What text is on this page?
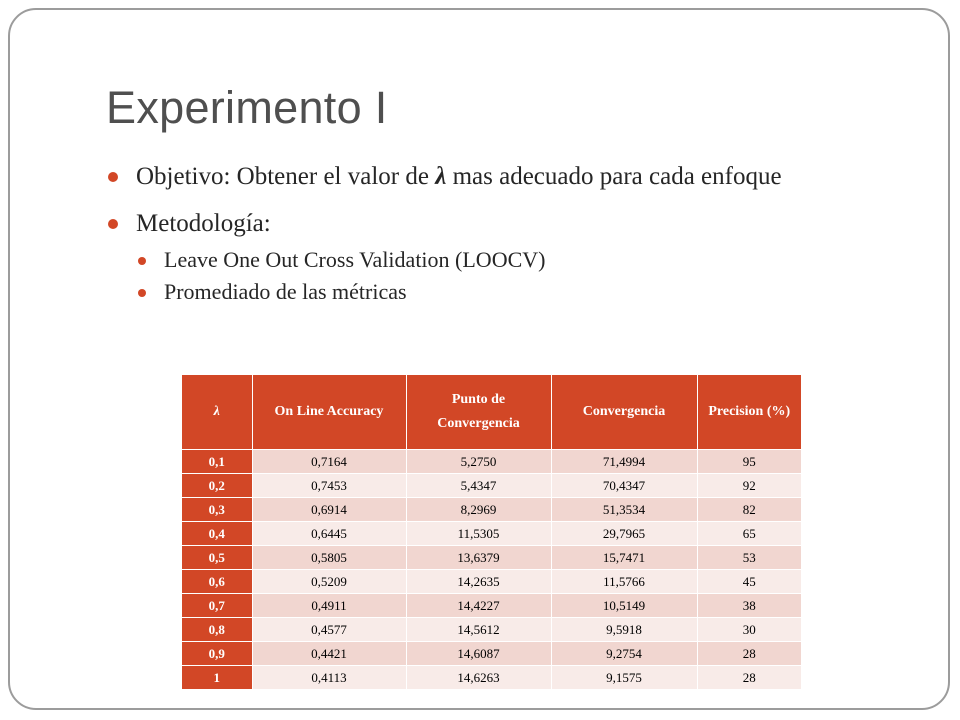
Experimento I

Objetivo: Obtener el valor de λ mas adecuado para cada enfoque

Metodología:

Leave One Out Cross Validation (LOOCV)

Promediado de las métricas

λ	On Line Accuracy	Punto de Convergencia	Convergencia	Precision (%)
0,1	0,7164	5,2750	71,4994	95
0,2	0,7453	5,4347	70,4347	92
0,3	0,6914	8,2969	51,3534	82
0,4	0,6445	11,5305	29,7965	65
0,5	0,5805	13,6379	15,7471	53
0,6	0,5209	14,2635	11,5766	45
0,7	0,4911	14,4227	10,5149	38
0,8	0,4577	14,5612	9,5918	30
0,9	0,4421	14,6087	9,2754	28
1	0,4113	14,6263	9,1575	28
